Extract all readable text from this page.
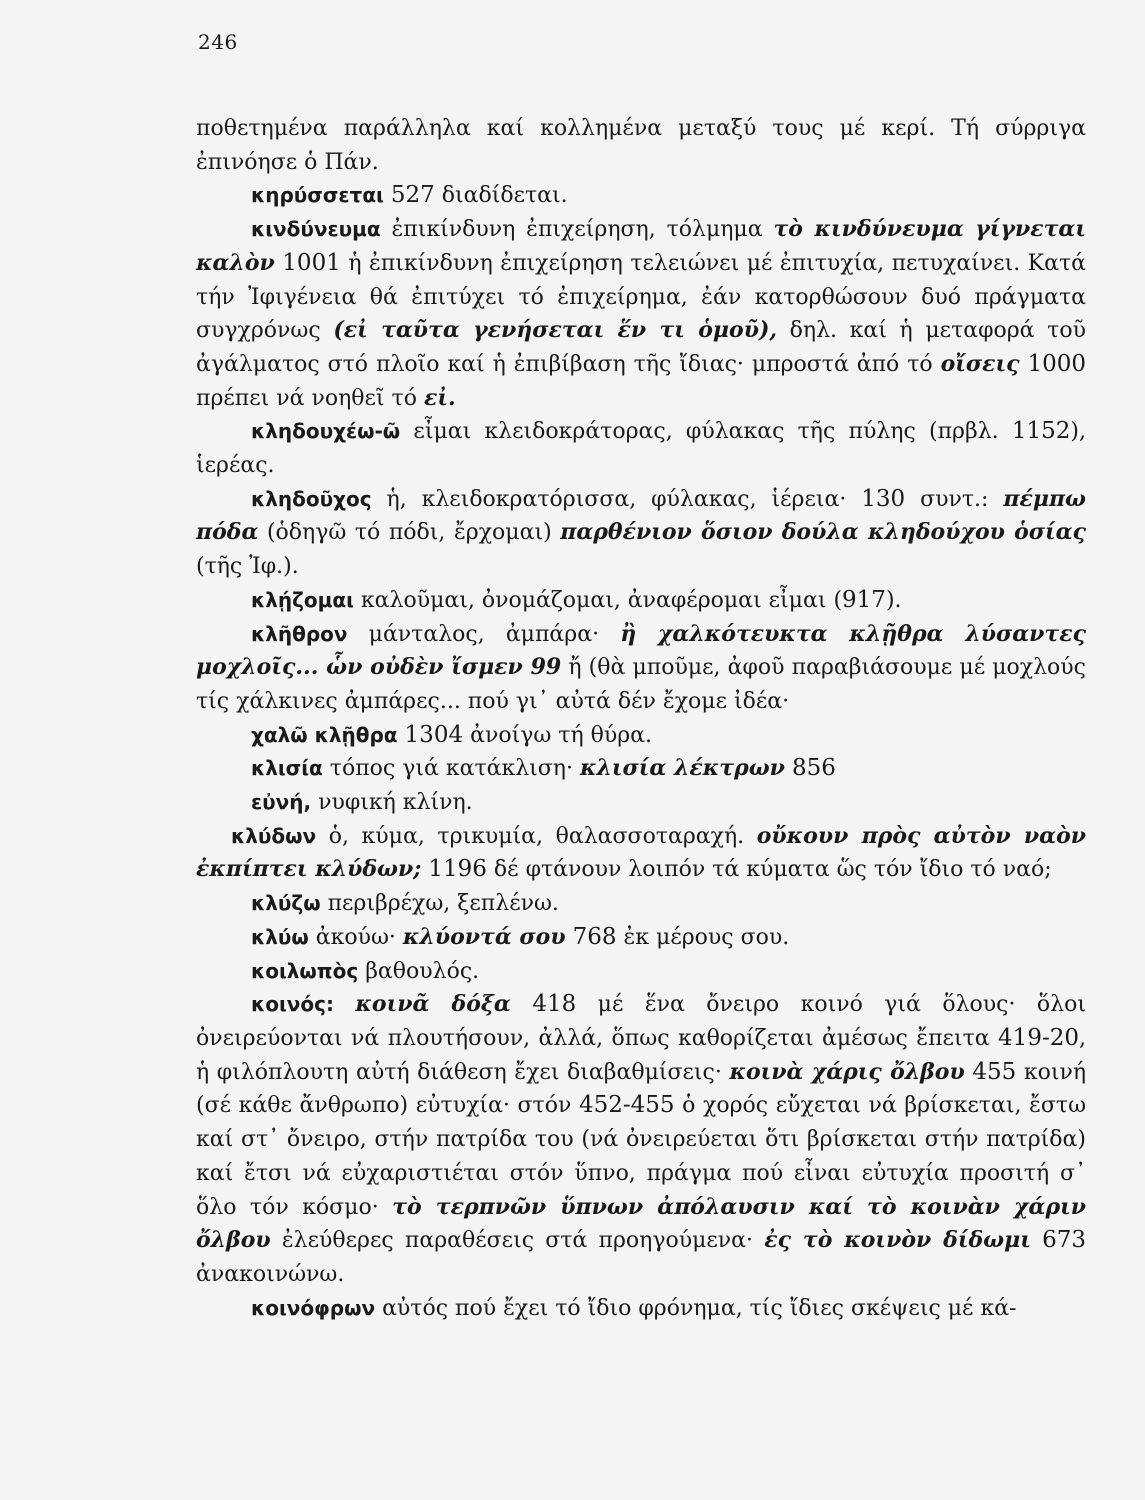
246

ποθετημένα παράλληλα καί κολλημένα μεταξύ τους μέ κερί. Τή σύρριγα ἐπινόησε ὁ Πάν.

κηρύσσεται 527 διαδίδεται.

κινδύνευμα ἐπικίνδυνη ἐπιχείρηση, τόλμημα τὸ κινδύνευμα γίγνεται καλὸν 1001 ἡ ἐπικίνδυνη ἐπιχείρηση τελειώνει μέ ἐπιτυχία, πετυχαίνει. Κατά τήν Ἰφιγένεια θά ἐπιτύχει τό ἐπιχείρημα, ἐάν κατορθώσουν δυό πράγματα συγχρόνως (εἰ ταῦτα γενήσεται ἕν τι ὁμοῦ), δηλ. καί ἡ μεταφορά τοῦ ἀγάλματος στό πλοῖο καί ἡ ἐπιβίβαση τῆς ἴδιας· μπροστά ἀπό τό οἴσεις 1000 πρέπει νά νοηθεῖ τό εἰ.

κληδουχέω-ῶ εἶμαι κλειδοκράτορας, φύλακας τῆς πύλης (πρβλ. 1152), ἱερέας.

κληδοῦχος ἡ, κλειδοκρατόρισσα, φύλακας, ἱέρεια· 130 συντ.: πέμπω πόδα (ὁδηγῶ τό πόδι, ἔρχομαι) παρθένιον ὅσιον δούλα κληδούχου ὁσίας (τῆς Ἰφ.).

κλῄζομαι καλοῦμαι, ὀνομάζομαι, ἀναφέρομαι εἶμαι (917).

κλῆθρον μάνταλος, ἀμπάρα· ἢ χαλκότευκτα κλῇθρα λύσαντες μοχλοῖς... ὧν οὐδὲν ἴσμεν 99 ἤ (θὰ μποῦμε, ἀφοῦ παραβιάσουμε μέ μοχλούς τίς χάλκινες ἀμπάρες... πού γι᾽ αὐτά δέν ἔχομε ἰδέα·

χαλῶ κλῇθρα 1304 ἀνοίγω τή θύρα.

κλισία τόπος γιά κατάκλιση· κλισία λέκτρων 856

εὐνή, νυφική κλίνη.

κλύδων ὁ, κύμα, τρικυμία, θαλασσοταραχή. οὔκουν πρὸς αὐτὸν ναὸν ἐκπίπτει κλύδων; 1196 δέ φτάνουν λοιπόν τά κύματα ὥς τόν ἴδιο τό ναό;

κλύζω περιβρέχω, ξεπλένω.

κλύω ἀκούω· κλύοντά σου 768 ἐκ μέρους σου.

κοιλωπὸς βαθουλός.

κοινός: κοινᾶ δόξα 418 μέ ἕνα ὄνειρο κοινό γιά ὅλους· ὅλοι ὀνειρεύονται νά πλουτήσουν, ἀλλά, ὅπως καθορίζεται ἀμέσως ἔπειτα 419-20, ἡ φιλόπλουτη αὐτή διάθεση ἔχει διαβαθμίσεις· κοινὰ χάρις ὄλβου 455 κοινή (σέ κάθε ἄνθρωπο) εὐτυχία· στόν 452-455 ὁ χορός εὔχεται νά βρίσκεται, ἔστω καί στ᾽ ὄνειρο, στήν πατρίδα του (νά ὀνειρεύεται ὅτι βρίσκεται στήν πατρίδα) καί ἔτσι νά εὐχαριστιέται στόν ὕπνο, πράγμα πού εἶναι εὐτυχία προσιτή σ᾽ ὅλο τόν κόσμο· τὸ τερπνῶν ὕπνων ἀπόλαυσιν καί τὸ κοινὰν χάριν ὄλβου ἐλεύθερες παραθέσεις στά προηγούμενα· ἐς τὸ κοινὸν δίδωμι 673 ἀνακοινώνω.

κοινόφρων αὐτός πού ἔχει τό ἴδιο φρόνημα, τίς ἴδιες σκέψεις μέ κά-
